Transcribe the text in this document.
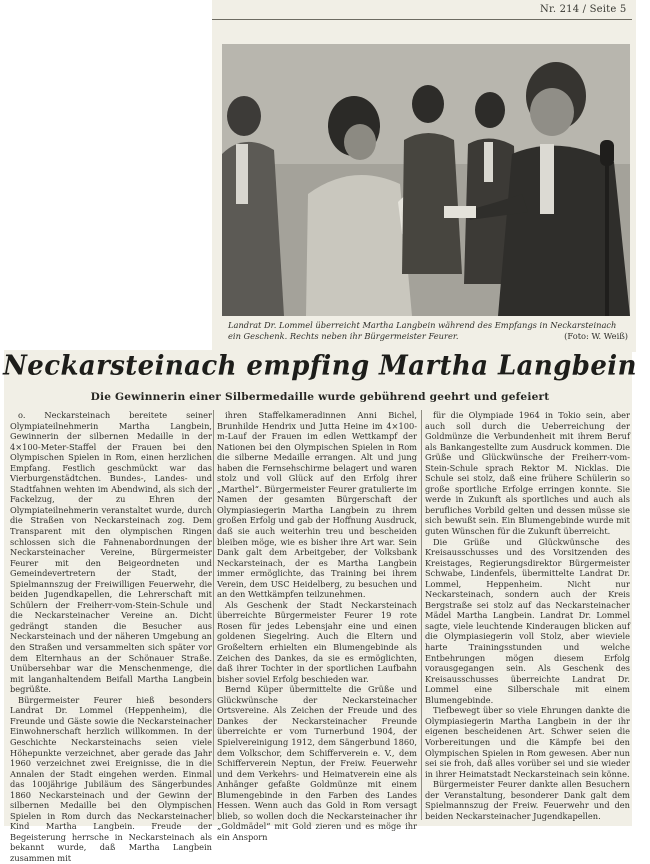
Nr. 214 / Seite 5
Landrat Dr. Lommel überreicht Martha Langbein während des Empfangs in Neckarsteinach ein Geschenk. Rechts neben ihr Bürgermeister Feurer.	(Foto: W. Weiß)
Neckarsteinach empfing Martha Langbein
Die Gewinnerin einer Silbermedaille wurde gebührend geehrt und gefeiert

o. Neckarsteinach bereitete seiner Olympiateilnehmerin Martha Langbein, Gewinnerin der silbernen Medaille in der 4×100-Meter-Staffel der Frauen bei den Olympischen Spielen in Rom, einen herzlichen Empfang. Festlich geschmückt war das Vierburgenstädtchen. Bundes-, Landes- und Stadtfahnen wehten im Abendwind, als sich der Fackelzug, der zu Ehren der Olympiateilnehmerin veranstaltet wurde, durch die Straßen von Neckarsteinach zog. Dem Transparent mit den olympischen Ringen schlossen sich die Fahnenabordnungen der Neckarsteinacher Vereine, Bürgermeister Feurer mit den Beigeordneten und Gemeindevertretern der Stadt, der Spielmannszug der Freiwilligen Feuerwehr, die beiden Jugendkapellen, die Lehrerschaft mit Schülern der Freiherr-vom-Stein-Schule und die Neckarsteinacher Vereine an. Dicht gedrängt standen die Besucher aus Neckarsteinach und der näheren Umgebung an den Straßen und versammelten sich später vor dem Elternhaus an der Schönauer Straße. Unübersehbar war die Menschenmenge, die mit langanhaltendem Beifall Martha Langbein begrüßte.

Bürgermeister Feurer hieß besonders Landrat Dr. Lommel (Heppenheim), die Freunde und Gäste sowie die Neckarsteinacher Einwohnerschaft herzlich willkommen. In der Geschichte Neckarsteinachs seien viele Höhepunkte verzeichnet, aber gerade das Jahr 1960 verzeichnet zwei Ereignisse, die in die Annalen der Stadt eingehen werden. Einmal das 100jährige Jubiläum des Sängerbundes 1860 Neckarsteinach und der Gewinn der silbernen Medaille bei den Olympischen Spielen in Rom durch das Neckarsteinacher Kind Martha Langbein. Freude der Begeisterung herrsche in Neckarsteinach als bekannt wurde, daß Martha Langbein zusammen mit

ihren Staffelkameradinnen Anni Bichel, Brunhilde Hendrix und Jutta Heine im 4×100-m-Lauf der Frauen im edlen Wettkampf der Nationen bei den Olympischen Spielen in Rom die silberne Medaille errangen. Alt und jung haben die Fernsehschirme belagert und waren stolz und voll Glück auf den Erfolg ihrer „Marthel“. Bürgermeister Feurer gratulierte im Namen der gesamten Bürgerschaft der Olympiasiegerin Martha Langbein zu ihrem großen Erfolg und gab der Hoffnung Ausdruck, daß sie auch weiterhin treu und bescheiden bleiben möge, wie es bisher ihre Art war. Sein Dank galt dem Arbeitgeber, der Volksbank Neckarsteinach, der es Martha Langbein immer ermöglichte, das Training bei ihrem Verein, dem USC Heidelberg, zu besuchen und an den Wettkämpfen teilzunehmen.

Als Geschenk der Stadt Neckarsteinach überreichte Bürgermeister Feurer 19 rote Rosen für jedes Lebensjahr eine und einen goldenen Siegelring. Auch die Eltern und Großeltern erhielten ein Blumengebinde als Zeichen des Dankes, da sie es ermöglichten, daß ihrer Tochter in der sportlichen Laufbahn bisher soviel Erfolg beschieden war.

Bernd Küper übermittelte die Grüße und Glückwünsche der Neckarsteinacher Ortsvereine. Als Zeichen der Freude und des Dankes der Neckarsteinacher Freunde überreichte er vom Turnerbund 1904, der Spielvereinigung 1912, dem Sängerbund 1860, dem Volkschor, dem Schifferverein e. V., dem Schifferverein Neptun, der Freiw. Feuerwehr und dem Verkehrs- und Heimatverein eine als Anhänger gefaßte Goldmünze mit einem Blumengebinde in den Farben des Landes Hessen. Wenn auch das Gold in Rom versagt blieb, so wollen doch die Neckarsteinacher ihr „Goldmädel“ mit Gold zieren und es möge ihr ein Ansporn

für die Olympiade 1964 in Tokio sein, aber auch soll durch die Ueberreichung der Goldmünze die Verbundenheit mit ihrem Beruf als Bankangestellte zum Ausdruck kommen. Die Grüße und Glückwünsche der Freiherr-vom-Stein-Schule sprach Rektor M. Nicklas. Die Schule sei stolz, daß eine frühere Schülerin so große sportliche Erfolge erringen konnte. Sie werde in Zukunft als sportliches und auch als berufliches Vorbild gelten und dessen müsse sie sich bewußt sein. Ein Blumengebinde wurde mit guten Wünschen für die Zukunft überreicht.

Die Grüße und Glückwünsche des Kreisausschusses und des Vorsitzenden des Kreistages, Regierungsdirektor Bürgermeister Schwabe, Lindenfels, übermittelte Landrat Dr. Lommel, Heppenheim. Nicht nur Neckarsteinach, sondern auch der Kreis Bergstraße sei stolz auf das Neckarsteinacher Mädel Martha Langbein. Landrat Dr. Lommel sagte, viele leuchtende Kinderaugen blicken auf die Olympiasiegerin voll Stolz, aber wieviele harte Trainingsstunden und welche Entbehrungen mögen diesem Erfolg vorausgegangen sein. Als Geschenk des Kreisausschusses überreichte Landrat Dr. Lommel eine Silberschale mit einem Blumengebinde.

Tiefbewegt über so viele Ehrungen dankte die Olympiasiegerin Martha Langbein in der ihr eigenen bescheidenen Art. Schwer seien die Vorbereitungen und die Kämpfe bei den Olympischen Spielen in Rom gewesen. Aber nun sei sie froh, daß alles vorüber sei und sie wieder in ihrer Heimatstadt Neckarsteinach sein könne.

Bürgermeister Feurer dankte allen Besuchern der Veranstaltung, besonderer Dank galt dem Spielmannszug der Freiw. Feuerwehr und den beiden Neckarsteinacher Jugendkapellen.
